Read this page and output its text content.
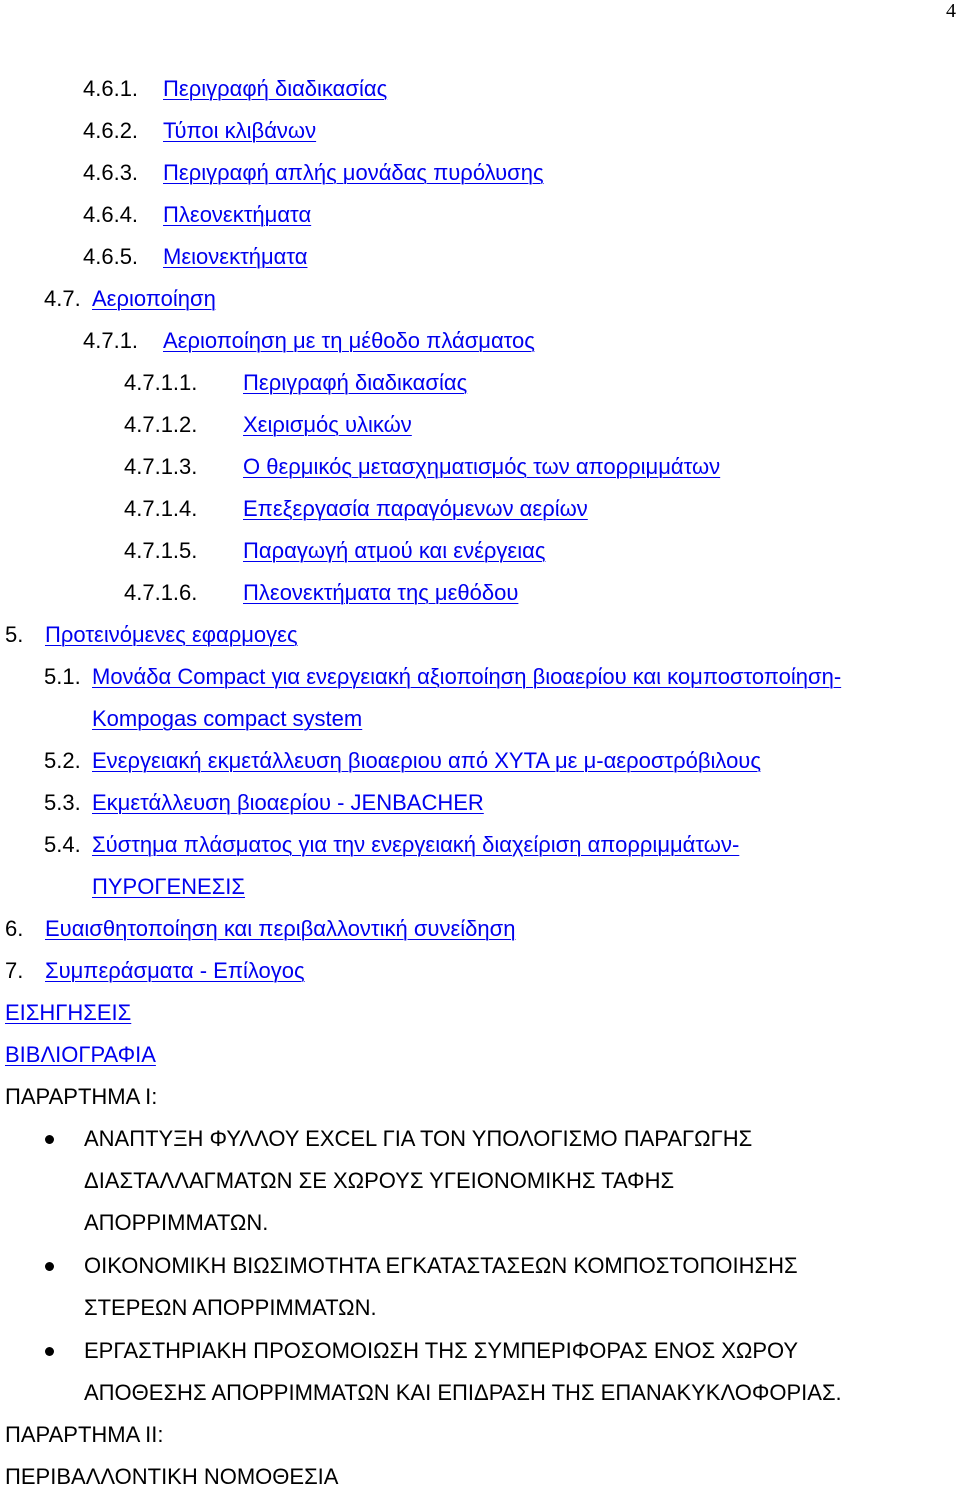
4
4.6.1. Περιγραφή διαδικασίας
4.6.2. Τύποι κλιβάνων
4.6.3. Περιγραφή απλής μονάδας πυρόλυσης
4.6.4. Πλεονεκτήματα
4.6.5. Μειονεκτήματα
4.7. Αεριοποίηση
4.7.1. Αεριοποίηση με τη μέθοδο πλάσματος
4.7.1.1. Περιγραφή διαδικασίας
4.7.1.2. Χειρισμός υλικών
4.7.1.3. Ο θερμικός μετασχηματισμός των απορριμμάτων
4.7.1.4. Επεξεργασία παραγόμενων αερίων
4.7.1.5. Παραγωγή ατμού και ενέργειας
4.7.1.6. Πλεονεκτήματα της μεθόδου
5. Προτεινόμενες εφαρμογες
5.1. Μονάδα Compact για ενεργειακή αξιοποίηση βιοαερίου και κομποστοποίηση-
Kompogas compact system
5.2. Ενεργειακή εκμετάλλευση βιοαεριου από ΧΥΤΑ με μ-αεροστρόβιλους
5.3. Εκμετάλλευση βιοαερίου - JENBACHER
5.4. Σύστημα πλάσματος για την ενεργειακή διαχείριση απορριμμάτων-
ΠΥΡΟΓΕΝΕΣΙΣ
6. Ευαισθητοποίηση και περιβαλλοντική συνείδηση
7. Συμπεράσματα - Επίλογος
ΕΙΣΗΓΗΣΕΙΣ
ΒΙΒΛΙΟΓΡΑΦΙΑ
ΠΑΡΑΡΤΗΜΑ Ι:
ΑΝΑΠΤΥΞΗ ΦΥΛΛΟΥ EXCEL ΓΙΑ ΤΟΝ ΥΠΟΛΟΓΙΣΜΟ ΠΑΡΑΓΩΓΗΣ
ΔΙΑΣΤΑΛΛΑΓΜΑΤΩΝ ΣΕ ΧΩΡΟΥΣ ΥΓΕΙΟΝΟΜΙΚΗΣ ΤΑΦΗΣ
ΑΠΟΡΡΙΜΜΑΤΩΝ.
ΟΙΚΟΝΟΜΙΚΗ ΒΙΩΣΙΜΟΤΗΤΑ ΕΓΚΑΤΑΣΤΑΣΕΩΝ ΚΟΜΠΟΣΤΟΠΟΙΗΣΗΣ
ΣΤΕΡΕΩΝ ΑΠΟΡΡΙΜΜΑΤΩΝ.
ΕΡΓΑΣΤΗΡΙΑΚΗ ΠΡΟΣΟΜΟΙΩΣΗ ΤΗΣ ΣΥΜΠΕΡΙΦΟΡΑΣ ΕΝΟΣ ΧΩΡΟΥ
ΑΠΟΘΕΣΗΣ ΑΠΟΡΡΙΜΜΑΤΩΝ ΚΑΙ ΕΠΙΔΡΑΣΗ ΤΗΣ ΕΠΑΝΑΚΥΚΛΟΦΟΡΙΑΣ.
ΠΑΡΑΡΤΗΜΑ ΙΙ:
ΠΕΡΙΒΑΛΛΟΝΤΙΚΗ ΝΟΜΟΘΕΣΙΑ
